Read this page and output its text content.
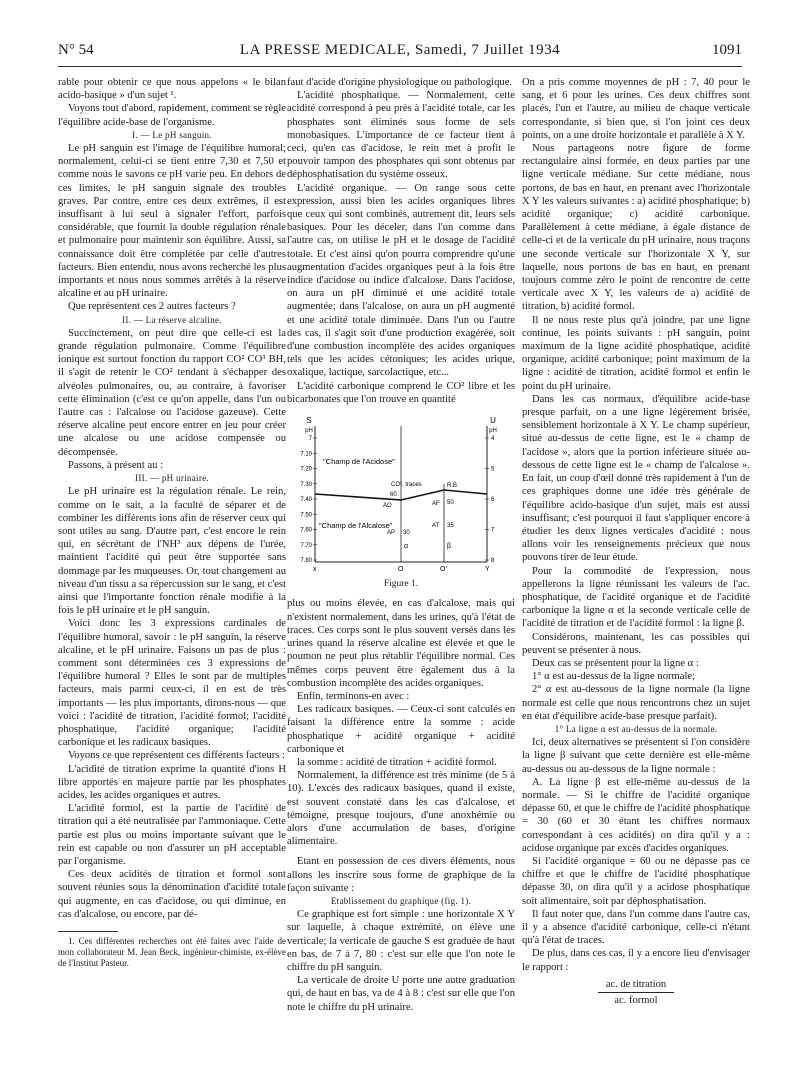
N° 54	LA PRESSE MEDICALE, Samedi, 7 Juillet 1934	1091

rable pour obtenir ce que nous appelons « le bilan acido-basique » d'un sujet ¹.

Voyons tout d'abord, rapidement, comment se règle l'équilibre acide-base de l'organisme.

I. — Le pH sanguin.

Le pH sanguin est l'image de l'équilibre humoral; normalement, celui-ci se tient entre 7,30 et 7,50 et comme nous le savons ce pH varie peu. En dehors de ces limites, le pH sanguin signale des troubles graves. Par contre, entre ces deux extrêmes, il est insuffisant à lui seul à signaler l'effort, parfois considérable, que fournit la double régulation rénale et pulmonaire pour maintenir son équilibre. Aussi, sa connaissance doit être complétée par celle d'autres facteurs. Bien entendu, nous avons recherché les plus importants et nous nous sommes arrêtés à la réserve alcaline et au pH urinaire.

Que représentent ces 2 autres facteurs ?

II. — La réserve alcaline.

Succinctement, on peut dire que celle-ci est la grande régulation pulmonaire. Comme l'équilibre ionique est surtout fonction du rapport CO² CO³ BH, il s'agit de retenir le CO² tendant à s'échapper des alvéoles pulmonaires, ou, au contraire, à favoriser cette élimination (c'est ce qu'on appelle, dans l'un ou l'autre cas : l'alcalose ou l'acidose gazeuse). Cette réserve alcaline peut encore entrer en jeu pour créer une alcalose ou une acidose compensée ou décompensée.

Passons, à présent au :

III. — pH urinaire.

Le pH urinaire est la régulation rénale. Le rein, comme on le sait, a la faculté de séparer et de combiner les différents ions afin de réserver ceux qui sont utiles au sang. D'autre part, c'est encore le rein qui, en sécrétant de l'NH³ aux dépens de l'urée, maintient l'acidité qui peut être supportée sans dommage par les muqueuses. Or, tout changement au niveau d'un tissu a sa répercussion sur le sang, et c'est ainsi que l'importante fonction rénale modifie à la fois le pH urinaire et le pH sanguin.

Voici donc les 3 expressions cardinales de l'équilibre humoral, savoir : le pH sanguin, la réserve alcaline, et le pH urinaire. Faisons un pas de plus : comment sont déterminées ces 3 expressions de l'équilibre humoral ? Elles le sont par de multiples facteurs, mais parmi ceux-ci, il en est de très importants — les plus importants, dirons-nous — que voici : l'acidité de titration, l'acidité formol; l'acidité phosphatique, l'acidité organique; l'acidité carbonique et les radicaux basiques.

Voyons ce que représentent ces différents facteurs :

L'acidité de titration exprime la quantité d'ions H libre apportés en majeure partie par les phosphates acides, les acides organiques et autres.

L'acidité formol, est la partie de l'acidité de titration qui a été neutralisée par l'ammoniaque. Cette partie est plus ou moins importante suivant que le rein est capable ou non d'assurer un pH acceptable par l'organisme.

Ces deux acidités de titration et formol sont souvent réunies sous la dénomination d'acidité totale qui augmente, en cas d'acidose, ou qui diminue, en cas d'alcalose, ou encore, par dé-

1. Ces différentes recherches ont été faites avec l'aide de mon collaborateur M. Jean Beck, ingénieur-chimiste, ex-élève de l'Institut Pasteur.

faut d'acide d'origine physiologique ou pathologique.

L'acidité phosphatique. — Normalement, cette acidité correspond à peu près à l'acidité totale, car les phosphates sont éliminés sous forme de sels monobasiques. L'importance de ce facteur tient à ceci, qu'en cas d'acidose, le rein met à profit le pouvoir tampon des phosphates qui sont obtenus par déphosphatisation du système osseux.

L'acidité organique. — On range sous cette expression, aussi bien les acides organiques libres que ceux qui sont combinés, autrement dit, leurs sels basiques. Pour les déceler, dans l'un comme dans l'autre cas, on utilise le pH et le dosage de l'acidité totale. Et c'est ainsi qu'on pourra comprendre qu'une augmentation d'acides organiques peut à la fois être indice d'acidose ou indice d'alcalose. Dans l'acidose, on aura un pH diminué et une acidité totale augmentée; dans l'alcalose, on aura un pH augmenté et une acidité totale diminuée. Dans l'un ou l'autre des cas, il s'agit soit d'une production exagérée, soit d'une combustion incomplète des acides organiques tels que les acides cétoniques; les acides urique, oxalique, lactique, sarcolactique, etc...

L'acidité carbonique comprend le CO² libre et les bicarbonates que l'on trouve en quantité

7
7.10
7.20
7.30
7.40
7.50
7.60
7.70
7.80
4
5
6
7
8
S
pH
U
pH
"Champ de l'Acidose"
"Champ de l'Alcalose"
CO². traces
60
AO
AP 30
α
R.B
50
AF
AT 35
β
x	O	O'	Y

Figure 1.

plus ou moins élevée, en cas d'alcalose, mais qui n'existent normalement, dans les urines, qu'à l'état de traces. Ces corps sont le plus souvent versés dans les urines quand la réserve alcaline est élevée et que le poumon ne peut plus rétablir l'équilibre normal. Ces mêmes corps peuvent être également dus à la combustion incomplète des acides organiques.

Enfin, terminons-en avec :

Les radicaux basiques. — Ceux-ci sont calculés en faisant la différence entre la somme : acide phosphatique + acidité organique + acidité carbonique et

la somme : acidité de titration + acidité formol.

Normalement, la différence est très minime (de 5 à 10). L'excès des radicaux basiques, quand il existe, est souvent constaté dans les cas d'alcalose, et témoigne, presque toujours, d'une anoxhémie ou alors d'une accumulation de bases, d'origine alimentaire.

Etant en possession de ces divers éléments, nous allons les inscrire sous forme de graphique de la façon suivante :

Etablissement du graphique (fig. 1).

Ce graphique est fort simple : une horizontale X Y sur laquelle, à chaque extrémité, on élève une verticale; la verticale de gauche S est graduée de haut en bas, de 7 à 7, 80 : c'est sur elle que l'on note le chiffre du pH sanguin.

La verticale de droite U porte une autre graduation qui, de haut en bas, va de 4 à 8 : c'est sur elle que l'on note le chiffre du pH urinaire.

On a pris comme moyennes de pH : 7, 40 pour le sang, et 6 pour les urines. Ces deux chiffres sont placés, l'un et l'autre, au milieu de chaque verticale correspondante, si bien que, si l'on joint ces deux points, on a une droite horizontale et parallèle à X Y.

Nous partageons notre figure de forme rectangulaire ainsi formée, en deux parties par une ligne verticale médiane. Sur cette médiane, nous portons, de bas en haut, en prenant avec l'horizontale X Y les valeurs suivantes : a) acidité phosphatique; b) acidité organique; c) acidité carbonique. Parallèlement à cette médiane, à égale distance de celle-ci et de la verticale du pH urinaire, nous traçons une seconde verticale sur l'horizontale X Y, sur laquelle, nous portons de bas en haut, en prenant toujours comme zéro le point de rencontre de cette verticale avec X Y, les valeurs de a) acidité de titration, b) acidité formol.

Il ne nous reste plus qu'à joindre, par une ligne continue, les points suivants : pH sanguin, point maximum de la ligne acidité phosphatique, acidité organique, acidité carbonique; point maximum de la ligne : acidité de titration, acidité formol et enfin le point du pH urinaire.

Dans les cas normaux, d'équilibre acide-base presque parfait, on a une ligne légèrement brisée, sensiblement horizontale à X Y. Le champ supérieur, situé au-dessus de cette ligne, est le « champ de l'acidose », alors que la portion inférieure située au-dessous de cette ligne est le « champ de l'alcalose ». En fait, un coup d'œil donné très rapidement à l'un de ces graphiques donne une idée très générale de l'équilibre acido-basique d'un sujet, mais est aussi insuffisant; c'est pourquoi il faut s'appliquer encore à étudier les deux lignes verticales d'acidité : nous allons voir les renseignements précieux que nous pouvons tirer de leur étude.

Pour la commodité de l'expression, nous appellerons la ligne réunissant les valeurs de l'ac. phosphatique, de l'acidité organique et de l'acidité carbonique la ligne α et la seconde verticale celle de l'acidité de titration et de l'acidité formol : la ligne β.

Considérons, maintenant, les cas possibles qui peuvent se présenter à nous.

Deux cas se présentent pour la ligne α :

1° α est au-dessus de la ligne normale;

2° α est au-dessous de la ligne normale (la ligne normale est celle que nous rencontrons chez un sujet en état d'équilibre acide-base presque parfait).

1° La ligne α est au-dessus de la normale.

Ici, deux alternatives se présentent si l'on considère la ligne β suivant que cette dernière est elle-même au-dessus ou au-dessous de la ligne normale :

A. La ligne β est elle-même au-dessus de la normale. — Si le chiffre de l'acidité organique dépasse 60, et que le chiffre de l'acidité phosphatique = 30 (60 et 30 étant les chiffres normaux correspondant à ces acidités) on dira qu'il y a : acidose organique par excès d'acides organiques.

Si l'acidité organique = 60 ou ne dépasse pas ce chiffre et que le chiffre de l'acidité phosphatique dépasse 30, on dira qu'il y a acidose phosphatique soit alimentaire, soit par déphosphatisation.

Il faut noter que, dans l'un comme dans l'autre cas, il y a absence d'acidité carbonique, celle-ci n'étant qu'à l'état de traces.

De plus, dans ces cas, il y a encore lieu d'envisager le rapport :

ac. de titration
ac. formol
